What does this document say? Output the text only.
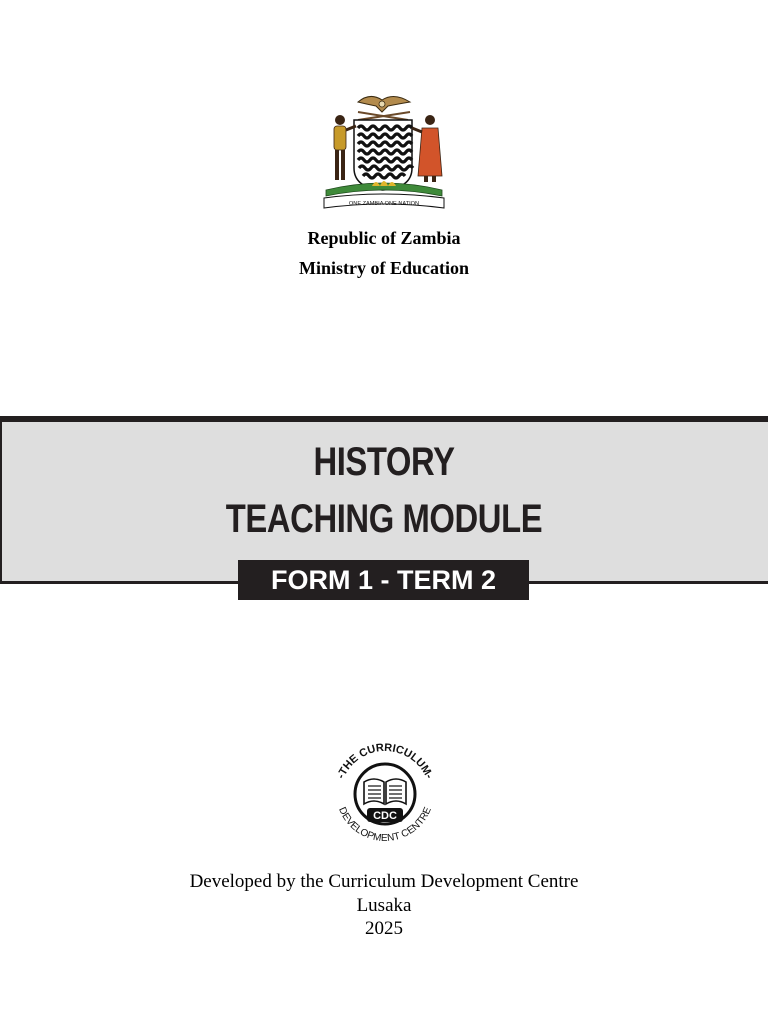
ONE ZAMBIA ONE NATION
Republic of Zambia
Ministry of Education
HISTORY
TEACHING MODULE
FORM 1 - TERM 2
-THE CURRICULUM-
DEVELOPMENT CENTRE
CDC
Developed by the Curriculum Development Centre
Lusaka
2025
